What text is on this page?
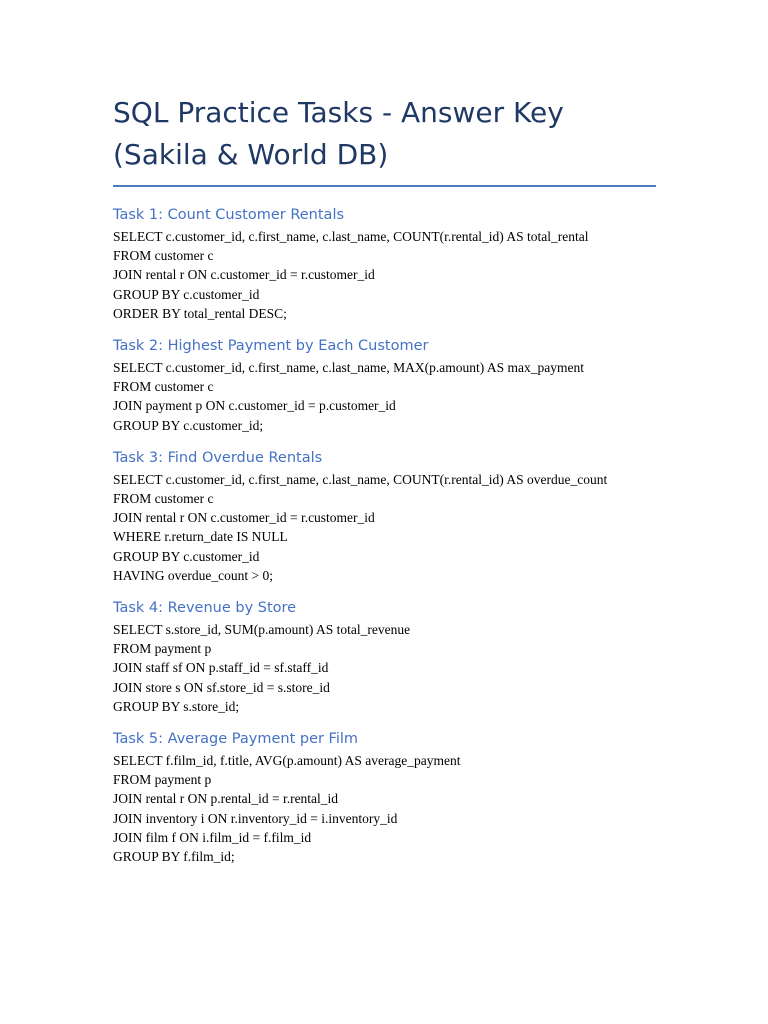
SQL Practice Tasks - Answer Key (Sakila & World DB)
Task 1: Count Customer Rentals

SELECT c.customer_id, c.first_name, c.last_name, COUNT(r.rental_id) AS total_rental

FROM customer c

JOIN rental r ON c.customer_id = r.customer_id

GROUP BY c.customer_id

ORDER BY total_rental DESC;

Task 2: Highest Payment by Each Customer

SELECT c.customer_id, c.first_name, c.last_name, MAX(p.amount) AS max_payment

FROM customer c

JOIN payment p ON c.customer_id = p.customer_id

GROUP BY c.customer_id;

Task 3: Find Overdue Rentals

SELECT c.customer_id, c.first_name, c.last_name, COUNT(r.rental_id) AS overdue_count

FROM customer c

JOIN rental r ON c.customer_id = r.customer_id

WHERE r.return_date IS NULL

GROUP BY c.customer_id

HAVING overdue_count > 0;

Task 4: Revenue by Store

SELECT s.store_id, SUM(p.amount) AS total_revenue

FROM payment p

JOIN staff sf ON p.staff_id = sf.staff_id

JOIN store s ON sf.store_id = s.store_id

GROUP BY s.store_id;

Task 5: Average Payment per Film

SELECT f.film_id, f.title, AVG(p.amount) AS average_payment

FROM payment p

JOIN rental r ON p.rental_id = r.rental_id

JOIN inventory i ON r.inventory_id = i.inventory_id

JOIN film f ON i.film_id = f.film_id

GROUP BY f.film_id;
